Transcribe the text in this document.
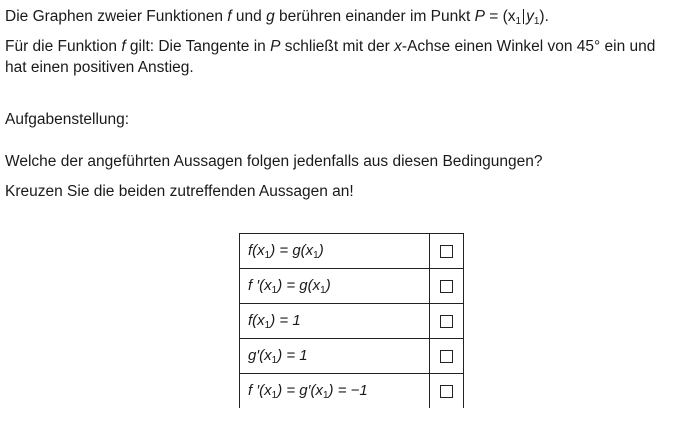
Die Graphen zweier Funktionen f und g berühren einander im Punkt $P = (x_1$ $y_1$).
Für die Funktion f gilt: Die Tangente in P schließt mit der x-Achse einen Winkel von 45° ein und
hat einen positiven Anstieg.
Aufgabenstellung:
Welche der angeführten Aussagen folgen jedenfalls aus diesen Bedingungen?
Kreuzen Sie die beiden zutreffenden Aussagen an!
$f(x_1) = g(x_1)$	
f $'(x_1) = g(x_1)$	
$f(x_1) = 1$	
$g'(x_1) = 1$	
f $'(x_1) = g'(x_1) = -1$	
